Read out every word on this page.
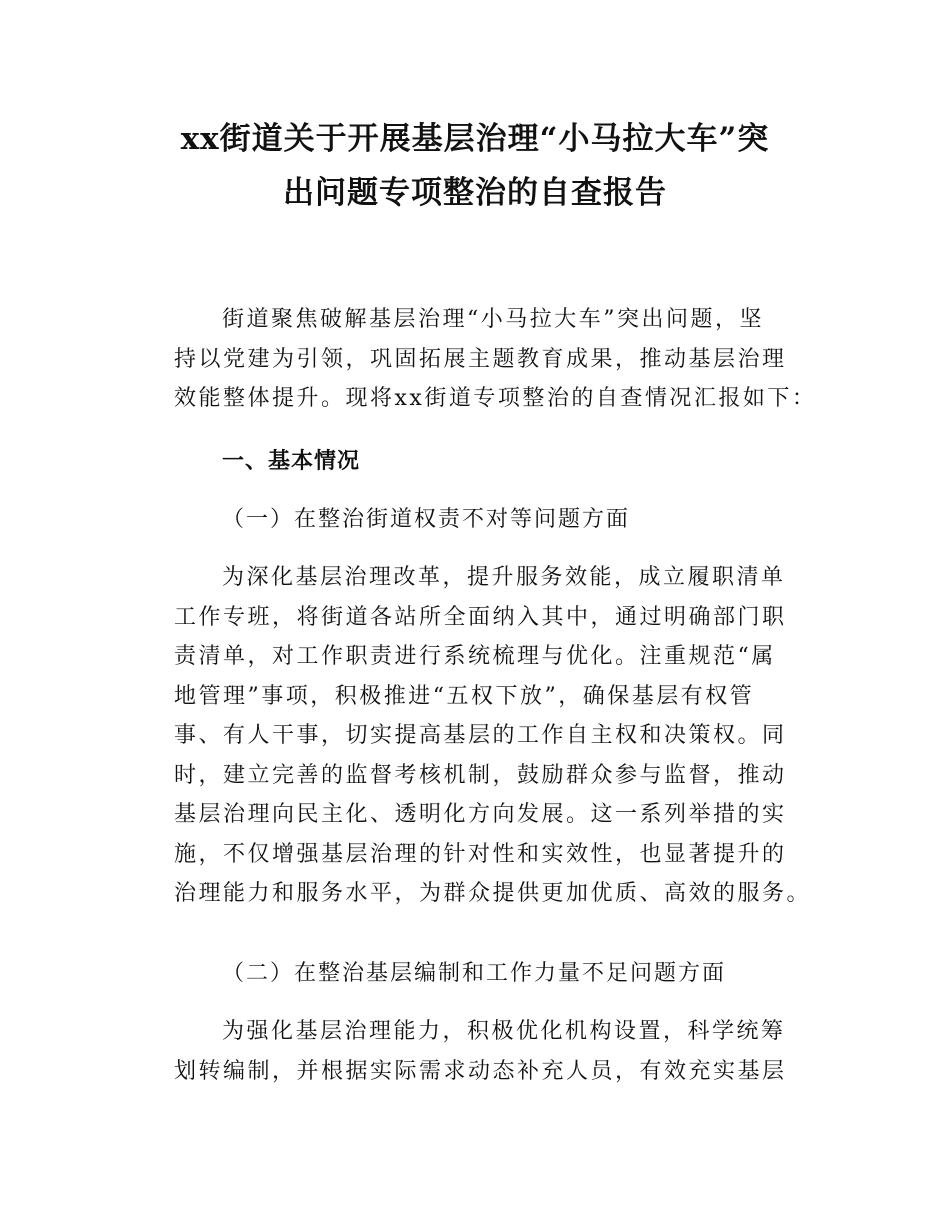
xx街道关于开展基层治理“小马拉大车”突
出问题专项整治的自查报告
街道聚焦破解基层治理“小马拉大车”突出问题，坚
持以党建为引领，巩固拓展主题教育成果，推动基层治理
效能整体提升。现将xx街道专项整治的自查情况汇报如下：
一、基本情况
（一）在整治街道权责不对等问题方面
为深化基层治理改革，提升服务效能，成立履职清单
工作专班，将街道各站所全面纳入其中，通过明确部门职
责清单，对工作职责进行系统梳理与优化。注重规范“属
地管理”事项，积极推进“五权下放”，确保基层有权管
事、有人干事，切实提高基层的工作自主权和决策权。同
时，建立完善的监督考核机制，鼓励群众参与监督，推动
基层治理向民主化、透明化方向发展。这一系列举措的实
施，不仅增强基层治理的针对性和实效性，也显著提升的
治理能力和服务水平，为群众提供更加优质、高效的服务。
（二）在整治基层编制和工作力量不足问题方面
为强化基层治理能力，积极优化机构设置，科学统筹
划转编制，并根据实际需求动态补充人员，有效充实基层
